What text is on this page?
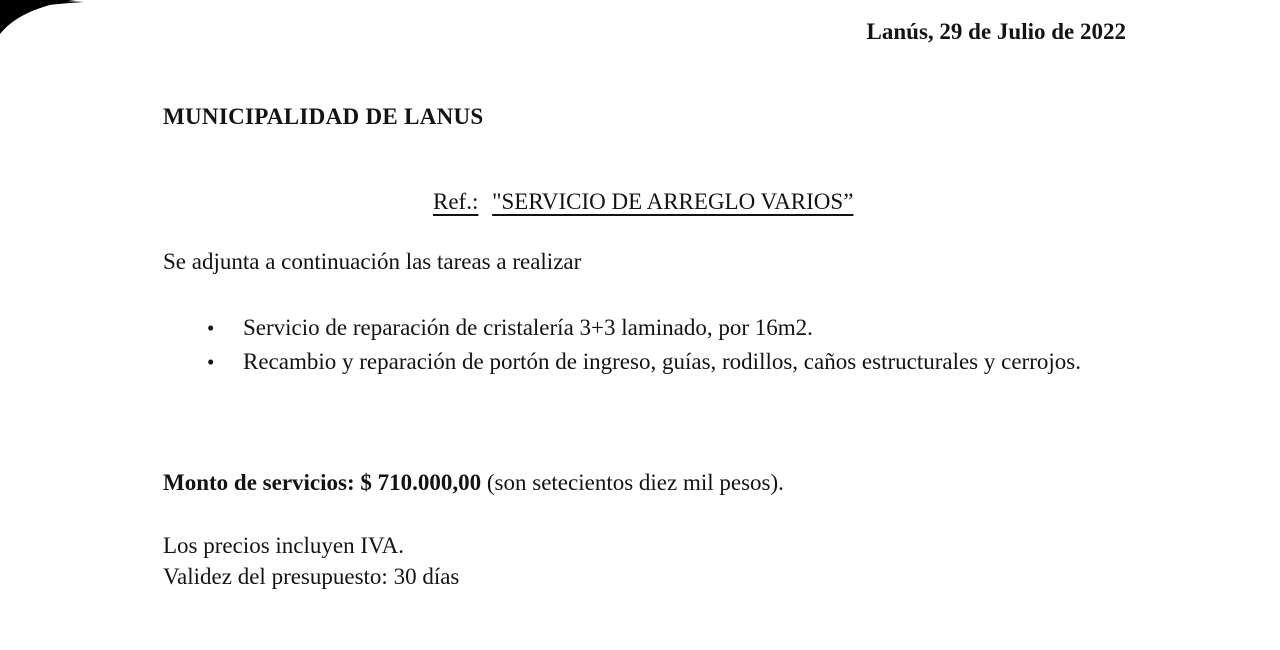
Lanús, 29 de Julio de 2022
MUNICIPALIDAD DE LANUS
Ref.: "SERVICIO DE ARREGLO VARIOS”
Se adjunta a continuación las tareas a realizar
•	Servicio de reparación de cristalería 3+3 laminado, por 16m2.
•	Recambio y reparación de portón de ingreso, guías, rodillos, caños estructurales y cerrojos.
Monto de servicios: $ 710.000,00 (son setecientos diez mil pesos).
Los precios incluyen IVA.
Validez del presupuesto: 30 días
